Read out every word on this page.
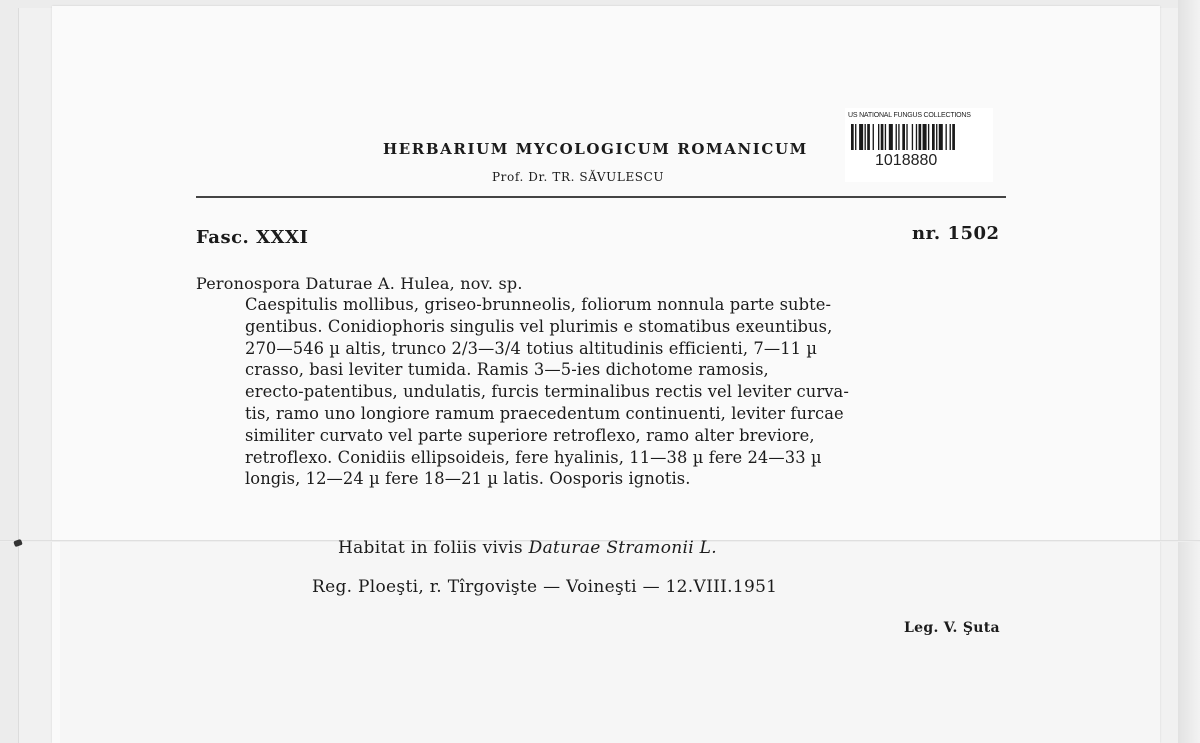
HERBARIUM MYCOLOGICUM ROMANICUM
Prof. Dr. TR. SĂVULESCU
US NATIONAL FUNGUS COLLECTIONS
1018880
Fasc. XXXI	nr. 1502
Peronospora Daturae A. Hulea, nov. sp.
Caespitulis mollibus, griseo-brunneolis, foliorum nonnula parte subte-
gentibus. Conidiophoris singulis vel plurimis e stomatibus exeuntibus,
270—546 µ altis, trunco 2/3—3/4 totius altitudinis efficienti, 7—11 µ
crasso, basi leviter tumida. Ramis 3—5-ies dichotome ramosis,
erecto-patentibus, undulatis, furcis terminalibus rectis vel leviter curva-
tis, ramo uno longiore ramum praecedentum continuenti, leviter furcae
similiter curvato vel parte superiore retroflexo, ramo alter breviore,
retroflexo. Conidiis ellipsoideis, fere hyalinis, 11—38 µ fere 24—33 µ
longis, 12—24 µ fere 18—21 µ latis. Oosporis ignotis.
Habitat in foliis vivis Daturae Stramonii L.
Reg. Ploeşti, r. Tîrgovişte — Voineşti — 12.VIII.1951
Leg. V. Şuta
